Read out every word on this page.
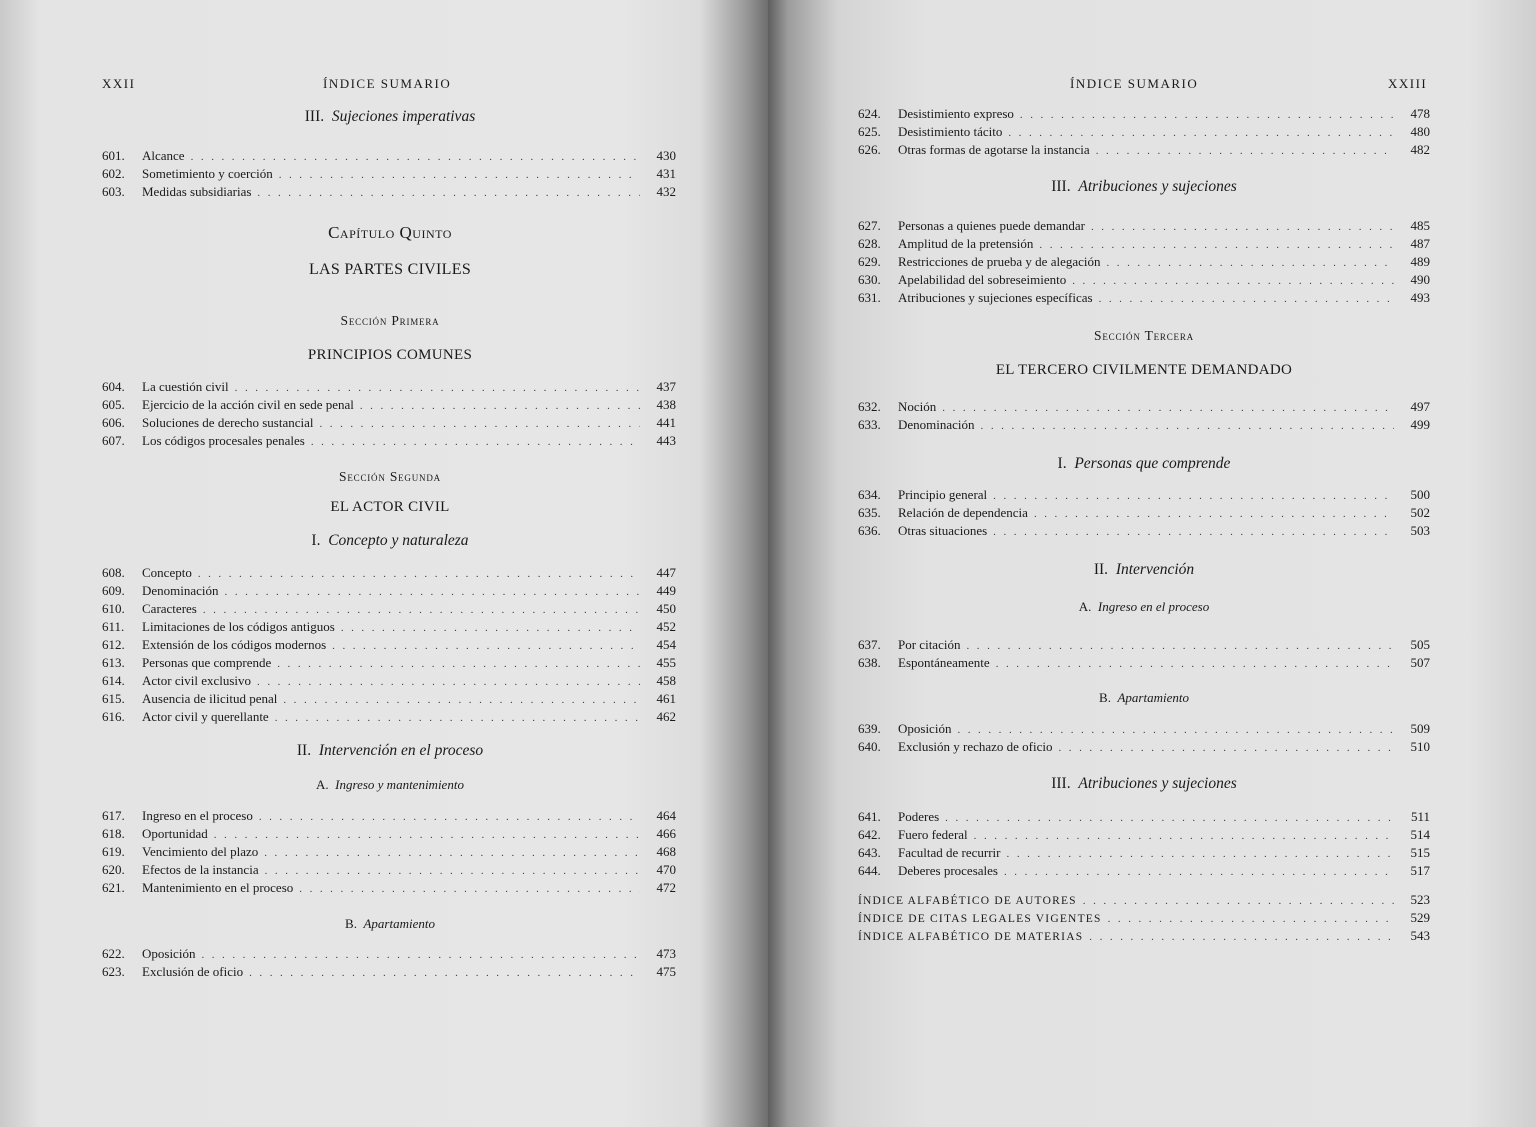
XXII	ÍNDICE SUMARIO
III. Sujeciones imperativas
601.	Alcance . . .	430
602.	Sometimiento y coerción . . .	431
603.	Medidas subsidiarias . . .	432
Capítulo Quinto
LAS PARTES CIVILES
Sección Primera
PRINCIPIOS COMUNES
604.	La cuestión civil . . .	437
605.	Ejercicio de la acción civil en sede penal . . .	438
606.	Soluciones de derecho sustancial . . .	441
607.	Los códigos procesales penales . . .	443
Sección Segunda
EL ACTOR CIVIL
I. Concepto y naturaleza
608.	Concepto . . .	447
609.	Denominación . . .	449
610.	Caracteres . . .	450
611.	Limitaciones de los códigos antiguos . . .	452
612.	Extensión de los códigos modernos . . .	454
613.	Personas que comprende . . .	455
614.	Actor civil exclusivo . . .	458
615.	Ausencia de ilicitud penal . . .	461
616.	Actor civil y querellante . . .	462
II. Intervención en el proceso
A. Ingreso y mantenimiento
617.	Ingreso en el proceso . . .	464
618.	Oportunidad . . .	466
619.	Vencimiento del plazo . . .	468
620.	Efectos de la instancia . . .	470
621.	Mantenimiento en el proceso . . .	472
B. Apartamiento
622.	Oposición . . .	473
623.	Exclusión de oficio . . .	475
ÍNDICE SUMARIO	XXIII
624.	Desistimiento expreso . . .	478
625.	Desistimiento tácito . . .	480
626.	Otras formas de agotarse la instancia . . .	482
III. Atribuciones y sujeciones
627.	Personas a quienes puede demandar . . .	485
628.	Amplitud de la pretensión . . .	487
629.	Restricciones de prueba y de alegación . . .	489
630.	Apelabilidad del sobreseimiento . . .	490
631.	Atribuciones y sujeciones específicas . . .	493
Sección Tercera
EL TERCERO CIVILMENTE DEMANDADO
632.	Noción . . .	497
633.	Denominación . . .	499
I. Personas que comprende
634.	Principio general . . .	500
635.	Relación de dependencia . . .	502
636.	Otras situaciones . . .	503
II. Intervención
A. Ingreso en el proceso
637.	Por citación . . .	505
638.	Espontáneamente . . .	507
B. Apartamiento
639.	Oposición . . .	509
640.	Exclusión y rechazo de oficio . . .	510
III. Atribuciones y sujeciones
641.	Poderes . . .	511
642.	Fuero federal . . .	514
643.	Facultad de recurrir . . .	515
644.	Deberes procesales . . .	517
ÍNDICE ALFABÉTICO DE AUTORES . . .	523
ÍNDICE DE CITAS LEGALES VIGENTES . . .	529
ÍNDICE ALFABÉTICO DE MATERIAS . . .	543
